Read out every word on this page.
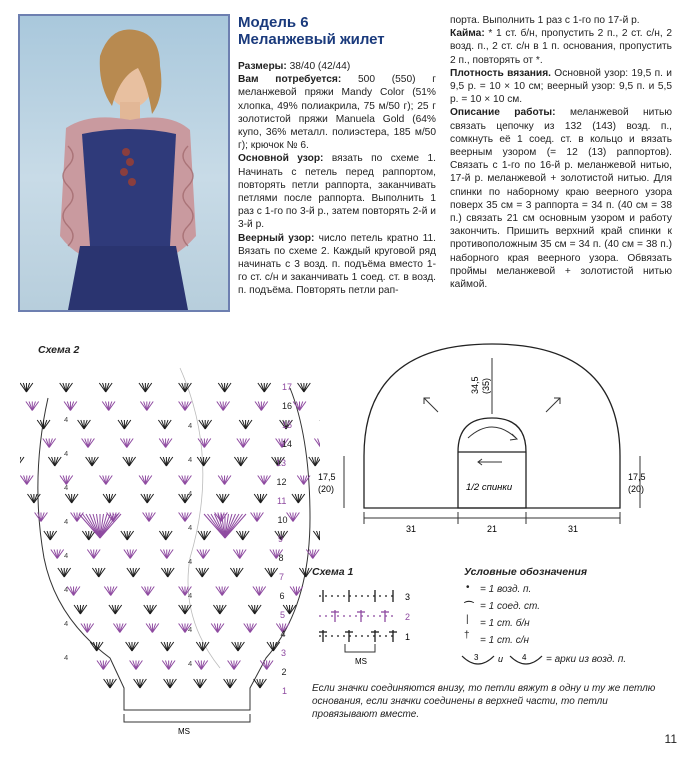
Модель 6

Меланжевый жилет

Размеры: 38/40 (42/44)

Вам потребуется: 500 (550) г меланжевой пряжи Mandy Color (51% хлопка, 49% полиакрила, 75 м/50 г); 25 г золотистой пряжи Manuela Gold (64% купо, 36% металл. полиэстера, 185 м/50 г); крючок № 6.

Основной узор: вязать по схеме 1. Начинать с петель перед раппортом, повторять петли раппорта, заканчивать петлями после раппорта. Выполнить 1 раз с 1-го по 3-й р., затем повторять 2-й и 3-й р.

Веерный узор: число петель кратно 11. Вязать по схеме 2. Каждый круговой ряд начинать с 3 возд. п. подъёма вместо 1-го ст. с/н и заканчивать 1 соед. ст. в возд. п. подъёма. Повторять петли рап-

порта. Выполнить 1 раз с 1-го по 17-й р.

Кайма: * 1 ст. б/н, пропустить 2 п., 2 ст. с/н, 2 возд. п., 2 ст. с/н в 1 п. основания, пропустить 2 п., повторять от *.

Плотность вязания. Основной узор: 19,5 п. и 9,5 р. = 10 × 10 см; веерный узор: 9,5 п. и 5,5 р. = 10 × 10 см.

Описание работы: меланжевой нитью связать цепочку из 132 (143) возд. п., сомкнуть её 1 соед. ст. в кольцо и вязать веерным узором (= 12 (13) раппортов). Связать с 1-го по 16-й р. меланжевой нитью, 17-й р. меланжевой + золотистой нитью. Для спинки по наборному краю веерного узора поверх 35 см = 3 раппорта = 34 п. (40 см = 38 п.) связать 21 см основным узором и работу закончить. Пришить верхний край спинки к противоположным 35 см = 34 п. (40 см = 38 п.) наборного края веерного узора. Обвязать проймы меланжевой + золотистой нитью каймой.

Схема 2
17
16
15
14
13
12
11
10
9
8
7
6
5
4
3
2
1
4
4
4
4
4
4
4
4
4
4
4
4
4
4
4
4
MS
34,5 (35)
17,5
(20)
17,5
(20)
1/2 спинки
31	21	31
Схема 1
MS
3
2
1
Условные обозначения
• = 1 возд. п.
⌒ = 1 соед. ст.
| = 1 ст. б/н
† = 1 ст. с/н
3	4
и	= арки из возд. п.
Если значки соединяются внизу, то петли вяжут в одну и ту же петлю основания, если значки соединены в верхней части, то петли провязывают вместе.
11
